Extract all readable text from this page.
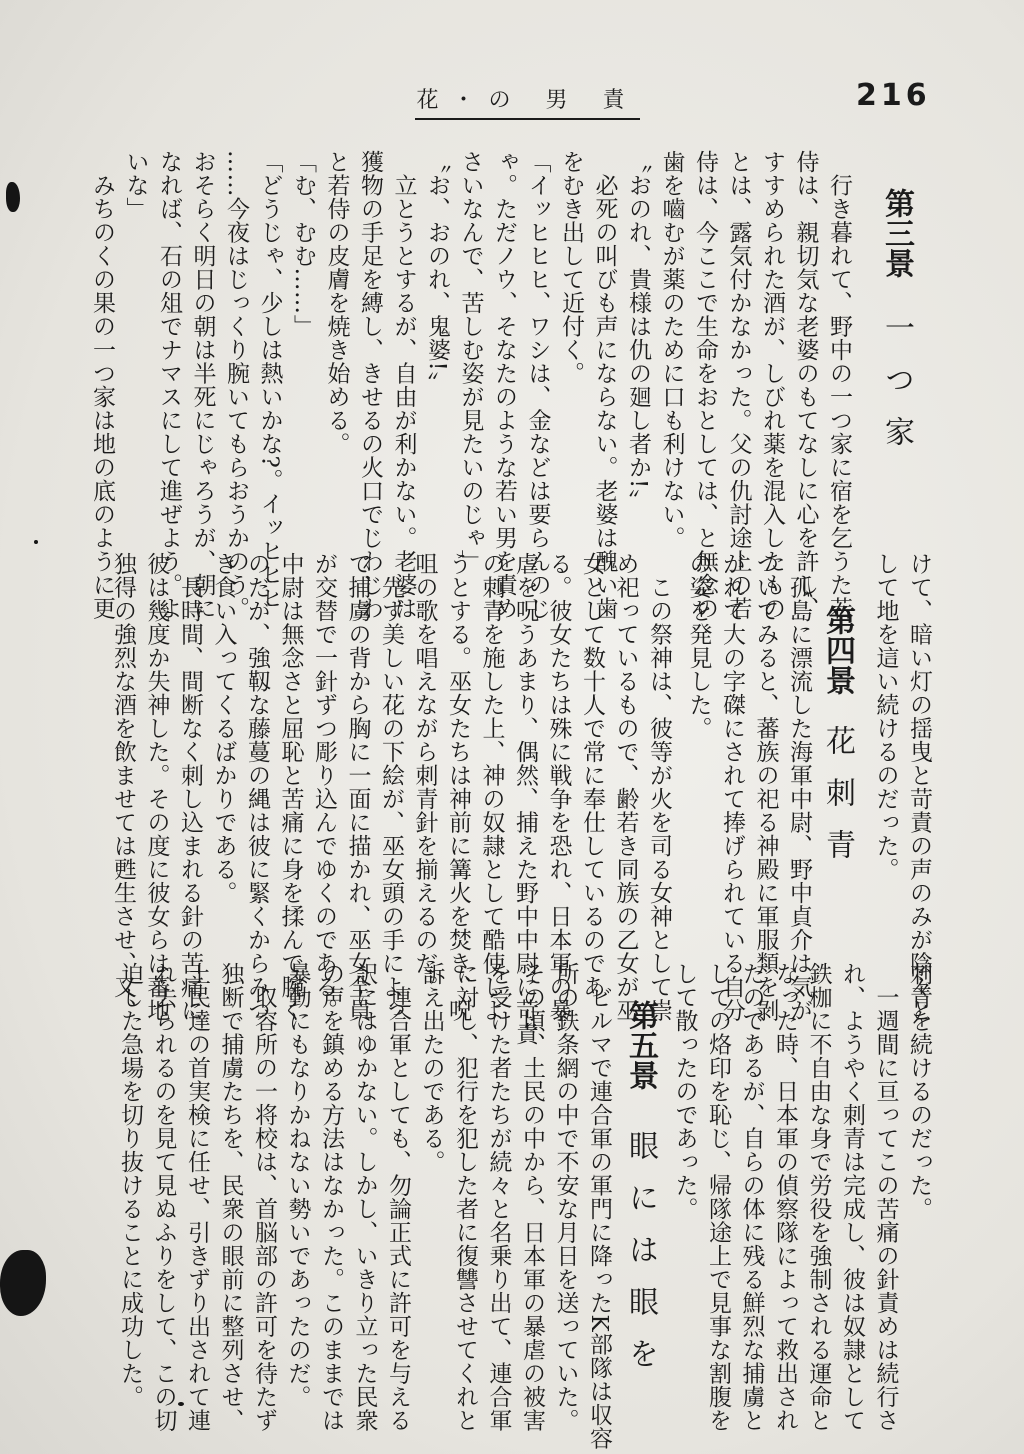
花・の 男 責	216
第三景
一つ家
　行き暮れて、野中の一つ家に宿を乞うた若
侍は、親切気な老婆のもてなしに心を許し、
すすめられた酒が、しびれ薬を混入したもの
とは、露気付かなかった。父の仇討途上の若
侍は、今ここで生命をおとしては、と無念の
歯を嚙むが薬のために口も利けない。
〝おのれ、貴様は仇の廻し者か!〟
　必死の叫びも声にならない。老婆は醜い歯
をむき出して近付く。
「イッヒヒヒ、ワシは、金などは要らんのじ
ゃ。ただノウ、そなたのような若い男を責め
さいなんで、苦しむ姿が見たいのじゃ」
〝お、おのれ、鬼婆!〟
　立とうとするが、自由が利かない。老婆は
獲物の手足を縛し、きせるの火口でじわじわ
と若侍の皮膚を焼き始める。
「む、むむ……」
「どうじゃ、少しは熱いかな?。イッヒヒヒ
……今夜はじっくり腕いてもらおうかのう。
おそらく明日の朝は半死にじゃろうが、朝に
なれば、石の俎でナマスにして進ぜよう。よ
いな」
　みちのくの果の一つ家は地の底のように更
けて、暗い灯の揺曳と苛責の声のみが陰々と
して地を這い続けるのだった。
第四景
花刺青
　孤島に漂流した海軍中尉、野中貞介は気が
ついてみると、蕃族の祀る神殿に軍服類を剝
がれて大の字磔にされて捧げられている自分
の姿を発見した。
　この祭神は、彼等が火を司る女神として崇
め祀っているもので、齢若き同族の乙女が巫
女として数十人で常に奉仕しているのであ
る。彼女たちは殊に戦争を恐れ、日本軍の暴
虐を呪うあまり、偶然、捕えた野中中尉に苛責
の刺青を施した上、神の奴隷として酷使しよ
うとする。巫女たちは神前に篝火を焚き、呪
咀の歌を唱えながら刺青針を揃えるのだ。
　先ず美しい花の下絵が、巫女頭の手によっ
て捕虜の背から胸に一面に描かれ、巫女全員
が交替で一針ずつ彫り込んでゆくのである。
中尉は無念さと屈恥と苦痛に身を揉んで腕く
のだが、強靱な藤蔓の縄は彼に緊くからみつ
き食い入ってくるばかりである。
　長時間、間断なく刺し込まれる針の苦痛に
彼は幾度か失神した。その度に彼女らは蕃地
独得の強烈な酒を飲ませては甦生させ、又、
刺青を続けるのだった。
　一週間に亘ってこの苦痛の針責めは続行さ
れ、ようやく刺青は完成し、彼は奴隷として
鉄枷に不自由な身で労役を強制される運命と
なった時、日本軍の偵察隊によって救出され
たのであるが、自らの体に残る鮮烈な捕虜と
しての烙印を恥じ、帰隊途上で見事な割腹を
して散ったのであった。
第五景
眼には眼を
　ビルマで連合軍の軍門に降ったK部隊は収容
所の鉄条網の中で不安な月日を送っていた。
その頃、土民の中から、日本軍の暴虐の被害
を受けた者たちが続々と名乗り出て、連合軍
に対し、犯行を犯した者に復讐させてくれと
訴え出たのである。
　連合軍としても、勿論正式に許可を与える
訳にはゆかない。しかし、いきり立った民衆
の声を鎮める方法はなかった。このままでは
暴動にもなりかねない勢いであったのだ。
　収容所の一将校は、首脳部の許可を待たず
独断で捕虜たちを、民衆の眼前に整列させ、
土民達の首実検に任せ、引きずり出されて連
れ去られるのを見て見ぬふりをして、この切
迫した急場を切り抜けることに成功した。
